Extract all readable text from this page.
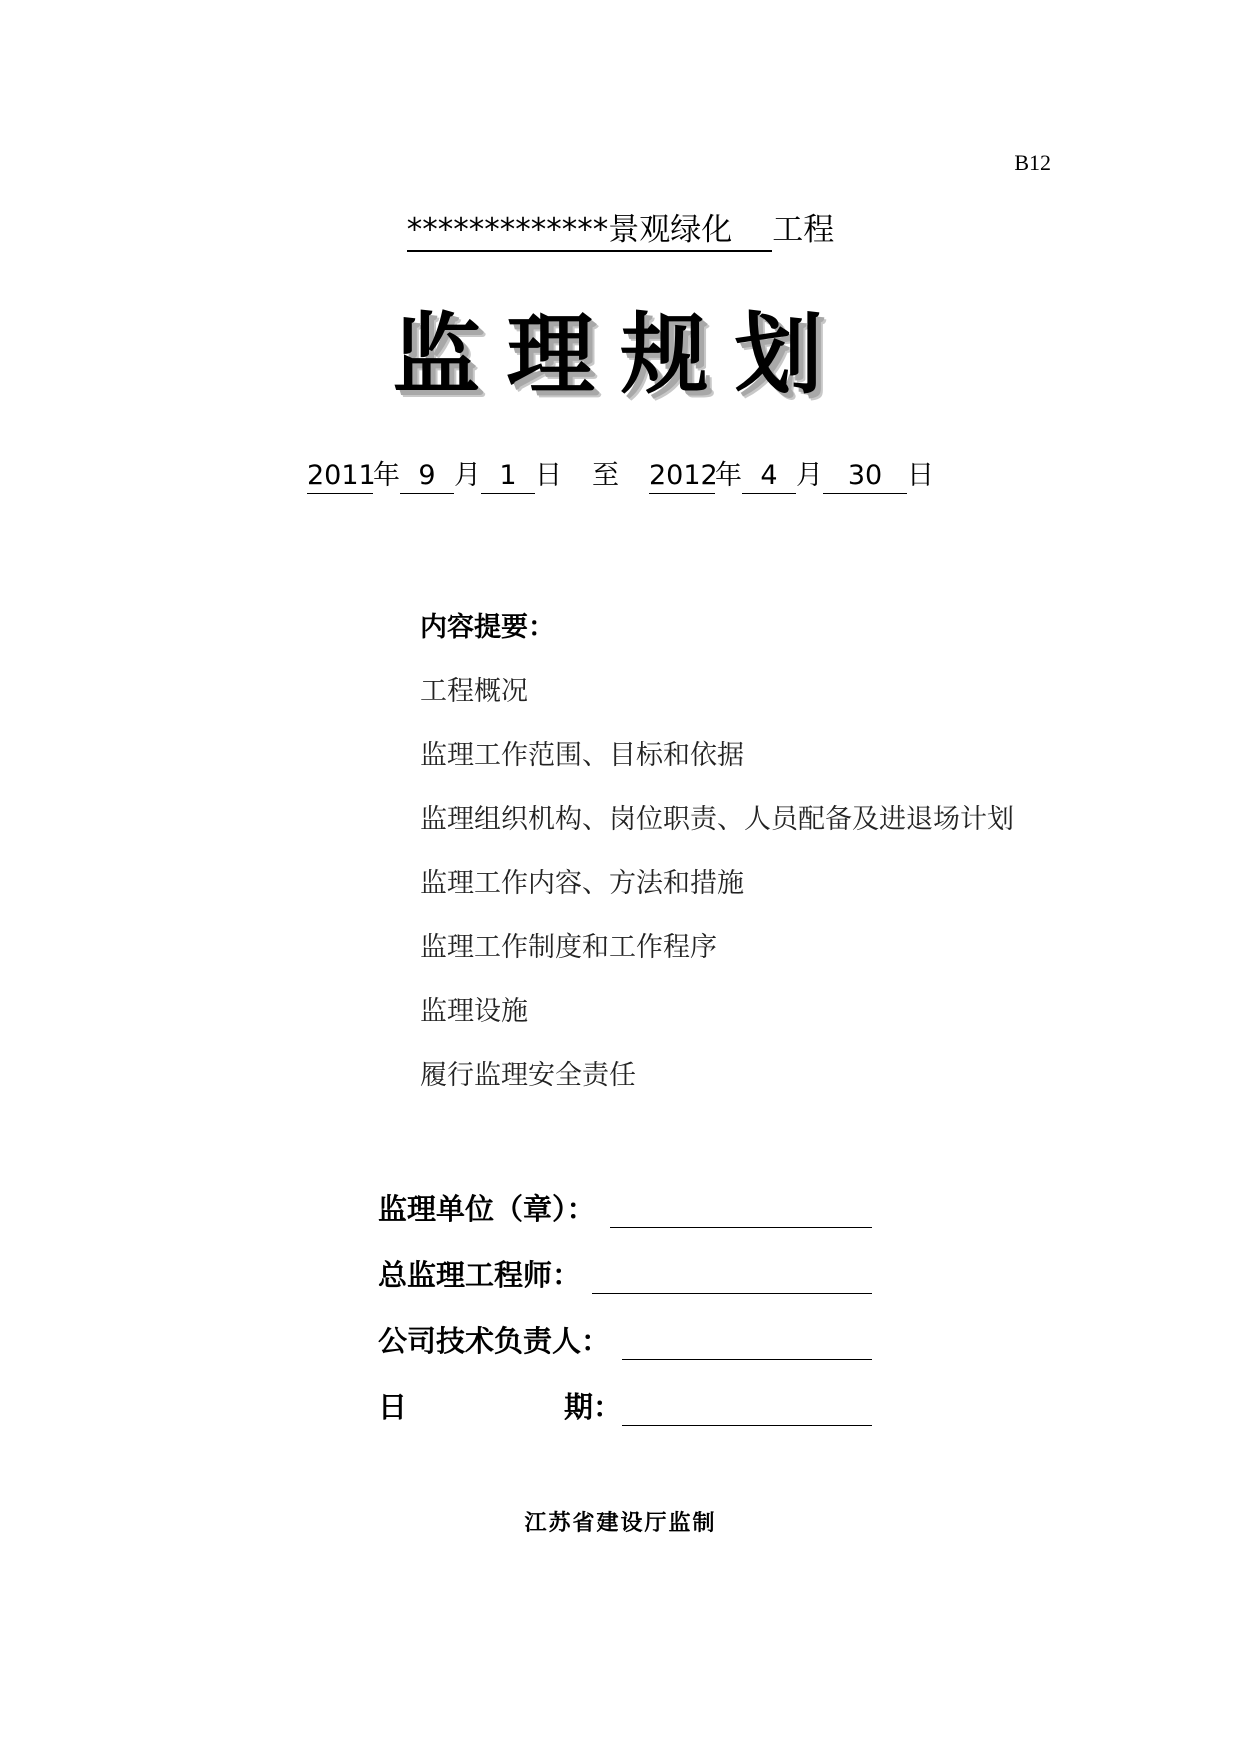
B12
*************景观绿化 工程
监理规划
2011年 9 月 1 日 至 2012年 4 月 30 日

内容提要：

工程概况
监理工作范围、目标和依据
监理组织机构、岗位职责、人员配备及进退场计划
监理工作内容、方法和措施
监理工作制度和工作程序
监理设施
履行监理安全责任
监理单位（章）：
总监理工程师：
公司技术负责人：
日	期：
江苏省建设厅监制
